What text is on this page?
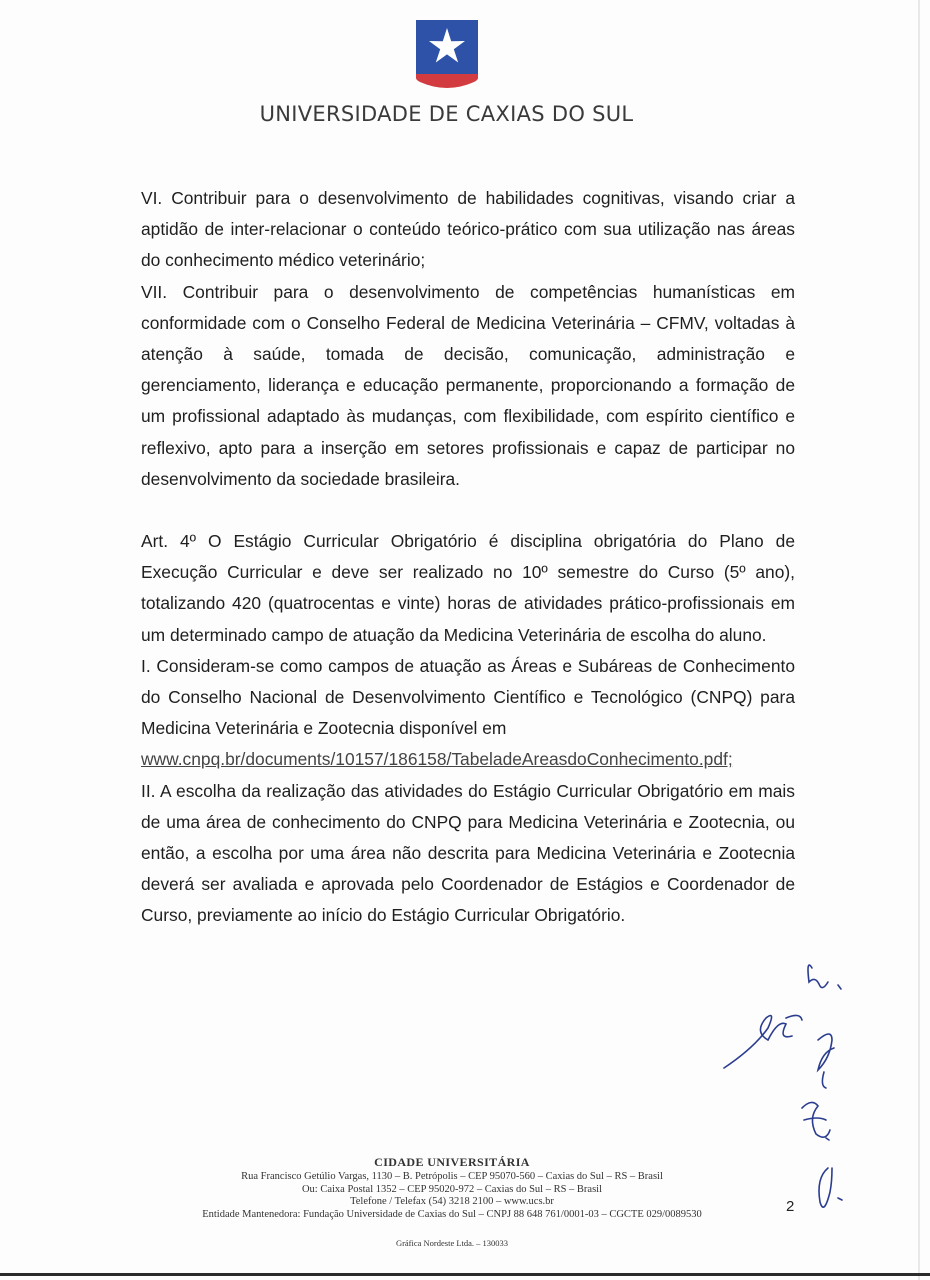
UNIVERSIDADE DE CAXIAS DO SUL

VI. Contribuir para o desenvolvimento de habilidades cognitivas, visando criar a aptidão de inter-relacionar o conteúdo teórico-prático com sua utilização nas áreas do conhecimento médico veterinário;

VII. Contribuir para o desenvolvimento de competências humanísticas em conformidade com o Conselho Federal de Medicina Veterinária – CFMV, voltadas à atenção à saúde, tomada de decisão, comunicação, administração e gerenciamento, liderança e educação permanente, proporcionando a formação de um profissional adaptado às mudanças, com flexibilidade, com espírito científico e reflexivo, apto para a inserção em setores profissionais e capaz de participar no desenvolvimento da sociedade brasileira.

Art. 4º O Estágio Curricular Obrigatório é disciplina obrigatória do Plano de Execução Curricular e deve ser realizado no 10º semestre do Curso (5º ano), totalizando 420 (quatrocentas e vinte) horas de atividades prático-profissionais em um determinado campo de atuação da Medicina Veterinária de escolha do aluno.

I. Consideram-se como campos de atuação as Áreas e Subáreas de Conhecimento do Conselho Nacional de Desenvolvimento Científico e Tecnológico (CNPQ) para Medicina Veterinária e Zootecnia disponível em
www.cnpq.br/documents/10157/186158/TabeladeAreasdoConhecimento.pdf;

II. A escolha da realização das atividades do Estágio Curricular Obrigatório em mais de uma área de conhecimento do CNPQ para Medicina Veterinária e Zootecnia, ou então, a escolha por uma área não descrita para Medicina Veterinária e Zootecnia deverá ser avaliada e aprovada pelo Coordenador de Estágios e Coordenador de Curso, previamente ao início do Estágio Curricular Obrigatório.

CIDADE UNIVERSITÁRIA
Rua Francisco Getúlio Vargas, 1130 – B. Petrópolis – CEP 95070-560 – Caxias do Sul – RS – Brasil
Ou: Caixa Postal 1352 – CEP 95020-972 – Caxias do Sul – RS – Brasil
Telefone / Telefax (54) 3218 2100 – www.ucs.br
Entidade Mantenedora: Fundação Universidade de Caxias do Sul – CNPJ 88 648 761/0001-03 – CGCTE 029/0089530
Gráfica Nordeste Ltda. – 130033
2
